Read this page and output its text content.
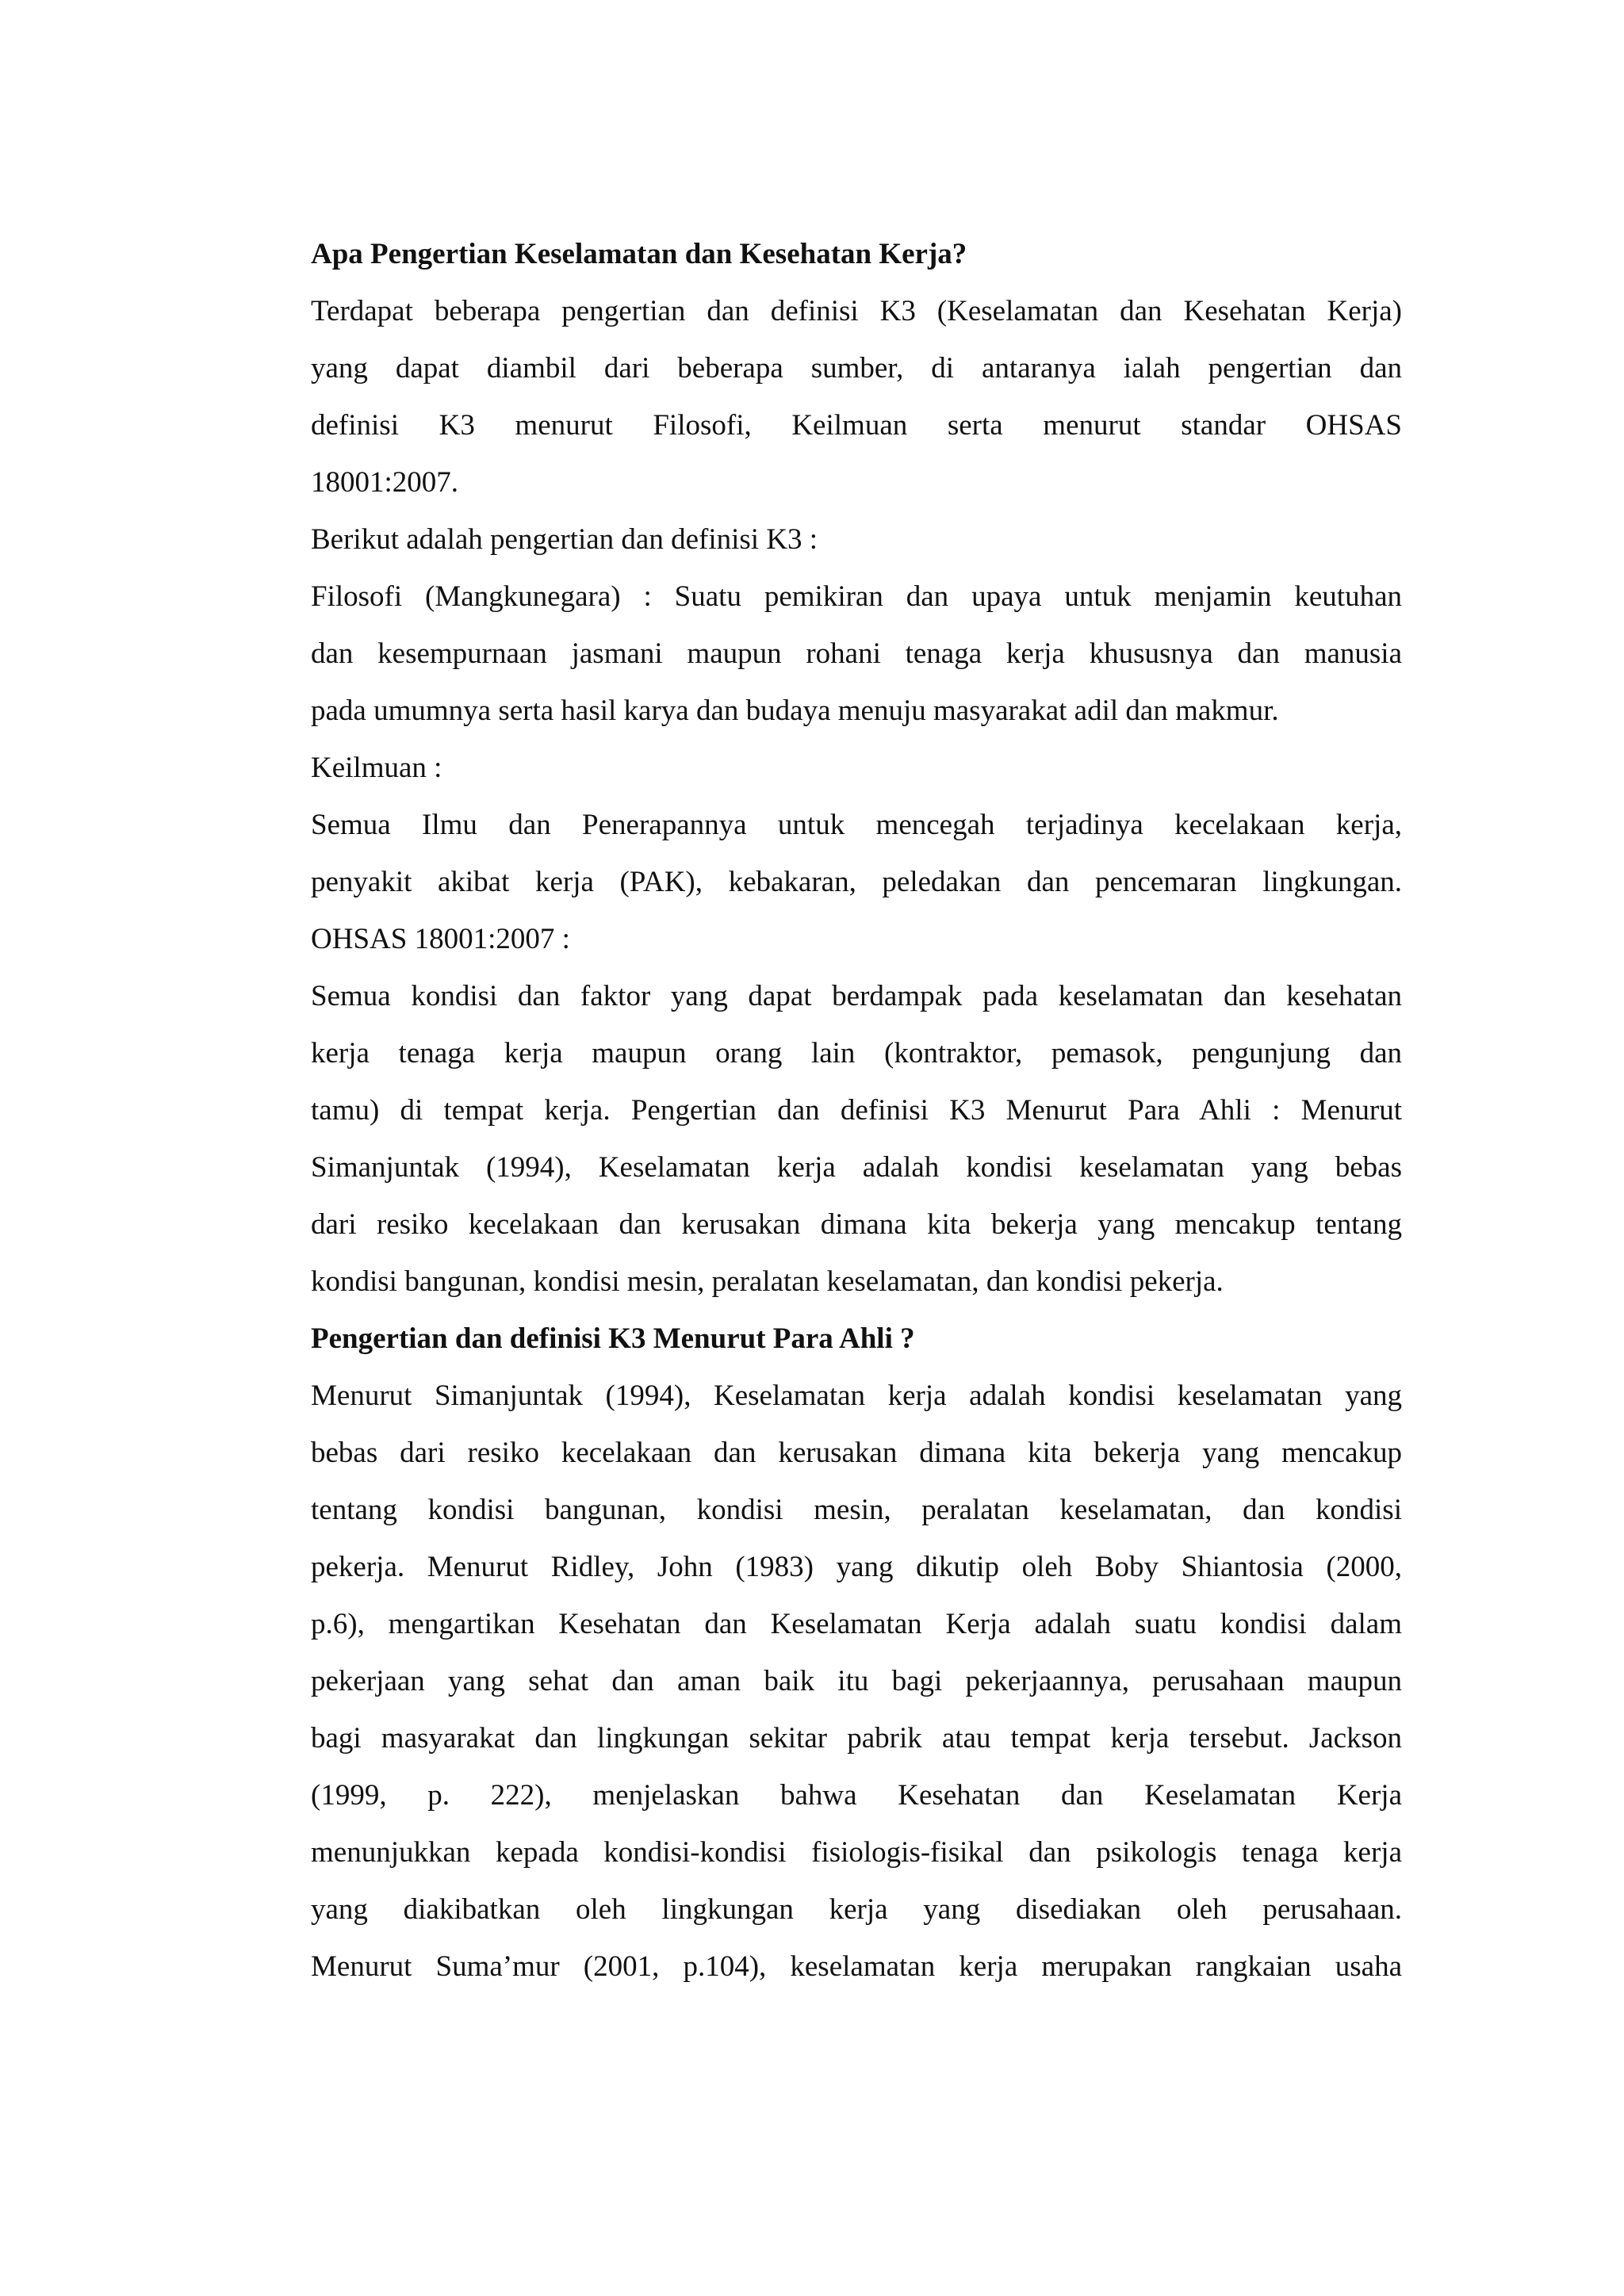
Apa Pengertian Keselamatan dan Kesehatan Kerja?
Terdapat beberapa pengertian dan definisi K3 (Keselamatan dan Kesehatan Kerja)
yang dapat diambil dari beberapa sumber, di antaranya ialah pengertian dan
definisi K3 menurut Filosofi, Keilmuan serta menurut standar OHSAS
18001:2007.
Berikut adalah pengertian dan definisi K3 :
Filosofi (Mangkunegara) : Suatu pemikiran dan upaya untuk menjamin keutuhan
dan kesempurnaan jasmani maupun rohani tenaga kerja khususnya dan manusia
pada umumnya serta hasil karya dan budaya menuju masyarakat adil dan makmur.
Keilmuan :
Semua Ilmu dan Penerapannya untuk mencegah terjadinya kecelakaan kerja,
penyakit akibat kerja (PAK), kebakaran, peledakan dan pencemaran lingkungan.
OHSAS 18001:2007 :
Semua kondisi dan faktor yang dapat berdampak pada keselamatan dan kesehatan
kerja tenaga kerja maupun orang lain (kontraktor, pemasok, pengunjung dan
tamu) di tempat kerja. Pengertian dan definisi K3 Menurut Para Ahli : Menurut
Simanjuntak (1994), Keselamatan kerja adalah kondisi keselamatan yang bebas
dari resiko kecelakaan dan kerusakan dimana kita bekerja yang mencakup tentang
kondisi bangunan, kondisi mesin, peralatan keselamatan, dan kondisi pekerja.
Pengertian dan definisi K3 Menurut Para Ahli ?
Menurut Simanjuntak (1994), Keselamatan kerja adalah kondisi keselamatan yang
bebas dari resiko kecelakaan dan kerusakan dimana kita bekerja yang mencakup
tentang kondisi bangunan, kondisi mesin, peralatan keselamatan, dan kondisi
pekerja. Menurut Ridley, John (1983) yang dikutip oleh Boby Shiantosia (2000,
p.6), mengartikan Kesehatan dan Keselamatan Kerja adalah suatu kondisi dalam
pekerjaan yang sehat dan aman baik itu bagi pekerjaannya, perusahaan maupun
bagi masyarakat dan lingkungan sekitar pabrik atau tempat kerja tersebut. Jackson
(1999, p. 222), menjelaskan bahwa Kesehatan dan Keselamatan Kerja
menunjukkan kepada kondisi-kondisi fisiologis-fisikal dan psikologis tenaga kerja
yang diakibatkan oleh lingkungan kerja yang disediakan oleh perusahaan.
Menurut Suma’mur (2001, p.104), keselamatan kerja merupakan rangkaian usaha
